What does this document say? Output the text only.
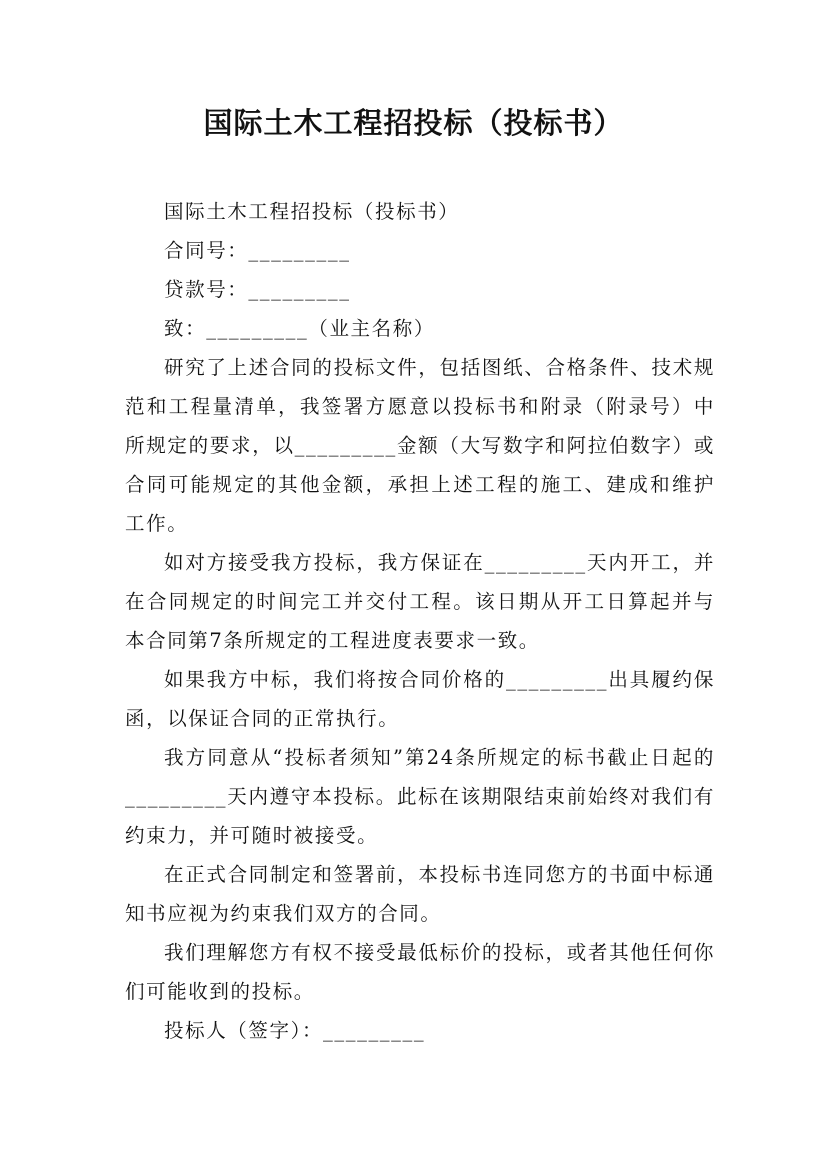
国际土木工程招投标（投标书）

国际土木工程招投标（投标书）

合同号：_________

贷款号：_________

致：_________（业主名称）

研究了上述合同的投标文件，包括图纸、合格条件、技术规范和工程量清单，我签署方愿意以投标书和附录（附录号）中所规定的要求，以_________金额（大写数字和阿拉伯数字）或合同可能规定的其他金额，承担上述工程的施工、建成和维护工作。

如对方接受我方投标，我方保证在_________天内开工，并在合同规定的时间完工并交付工程。该日期从开工日算起并与本合同第7条所规定的工程进度表要求一致。

如果我方中标，我们将按合同价格的_________出具履约保函，以保证合同的正常执行。

我方同意从“投标者须知”第24条所规定的标书截止日起的_________天内遵守本投标。此标在该期限结束前始终对我们有约束力，并可随时被接受。

在正式合同制定和签署前，本投标书连同您方的书面中标通知书应视为约束我们双方的合同。

我们理解您方有权不接受最低标价的投标，或者其他任何你们可能收到的投标。

投标人（签字）：_________
